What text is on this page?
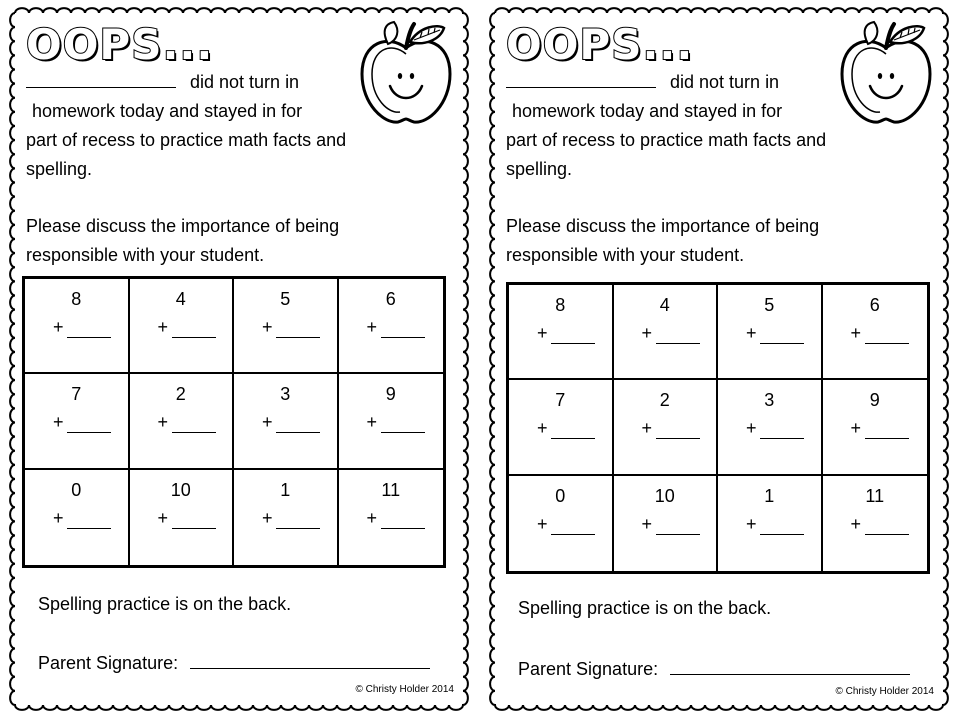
OOPS...

did not turn in

homework today and stayed in for

part of recess to practice math facts and

spelling.

Please discuss the importance of being

responsible with your student.

8
+
4
+
5
+
6
+
7
+
2
+
3
+
9
+
0
+
10
+
1
+
11
+

Spelling practice is on the back.

Parent Signature:

© Christy Holder 2014

OOPS...

did not turn in

homework today and stayed in for

part of recess to practice math facts and

spelling.

Please discuss the importance of being

responsible with your student.

8
+
4
+
5
+
6
+
7
+
2
+
3
+
9
+
0
+
10
+
1
+
11
+

Spelling practice is on the back.

Parent Signature:

© Christy Holder 2014
